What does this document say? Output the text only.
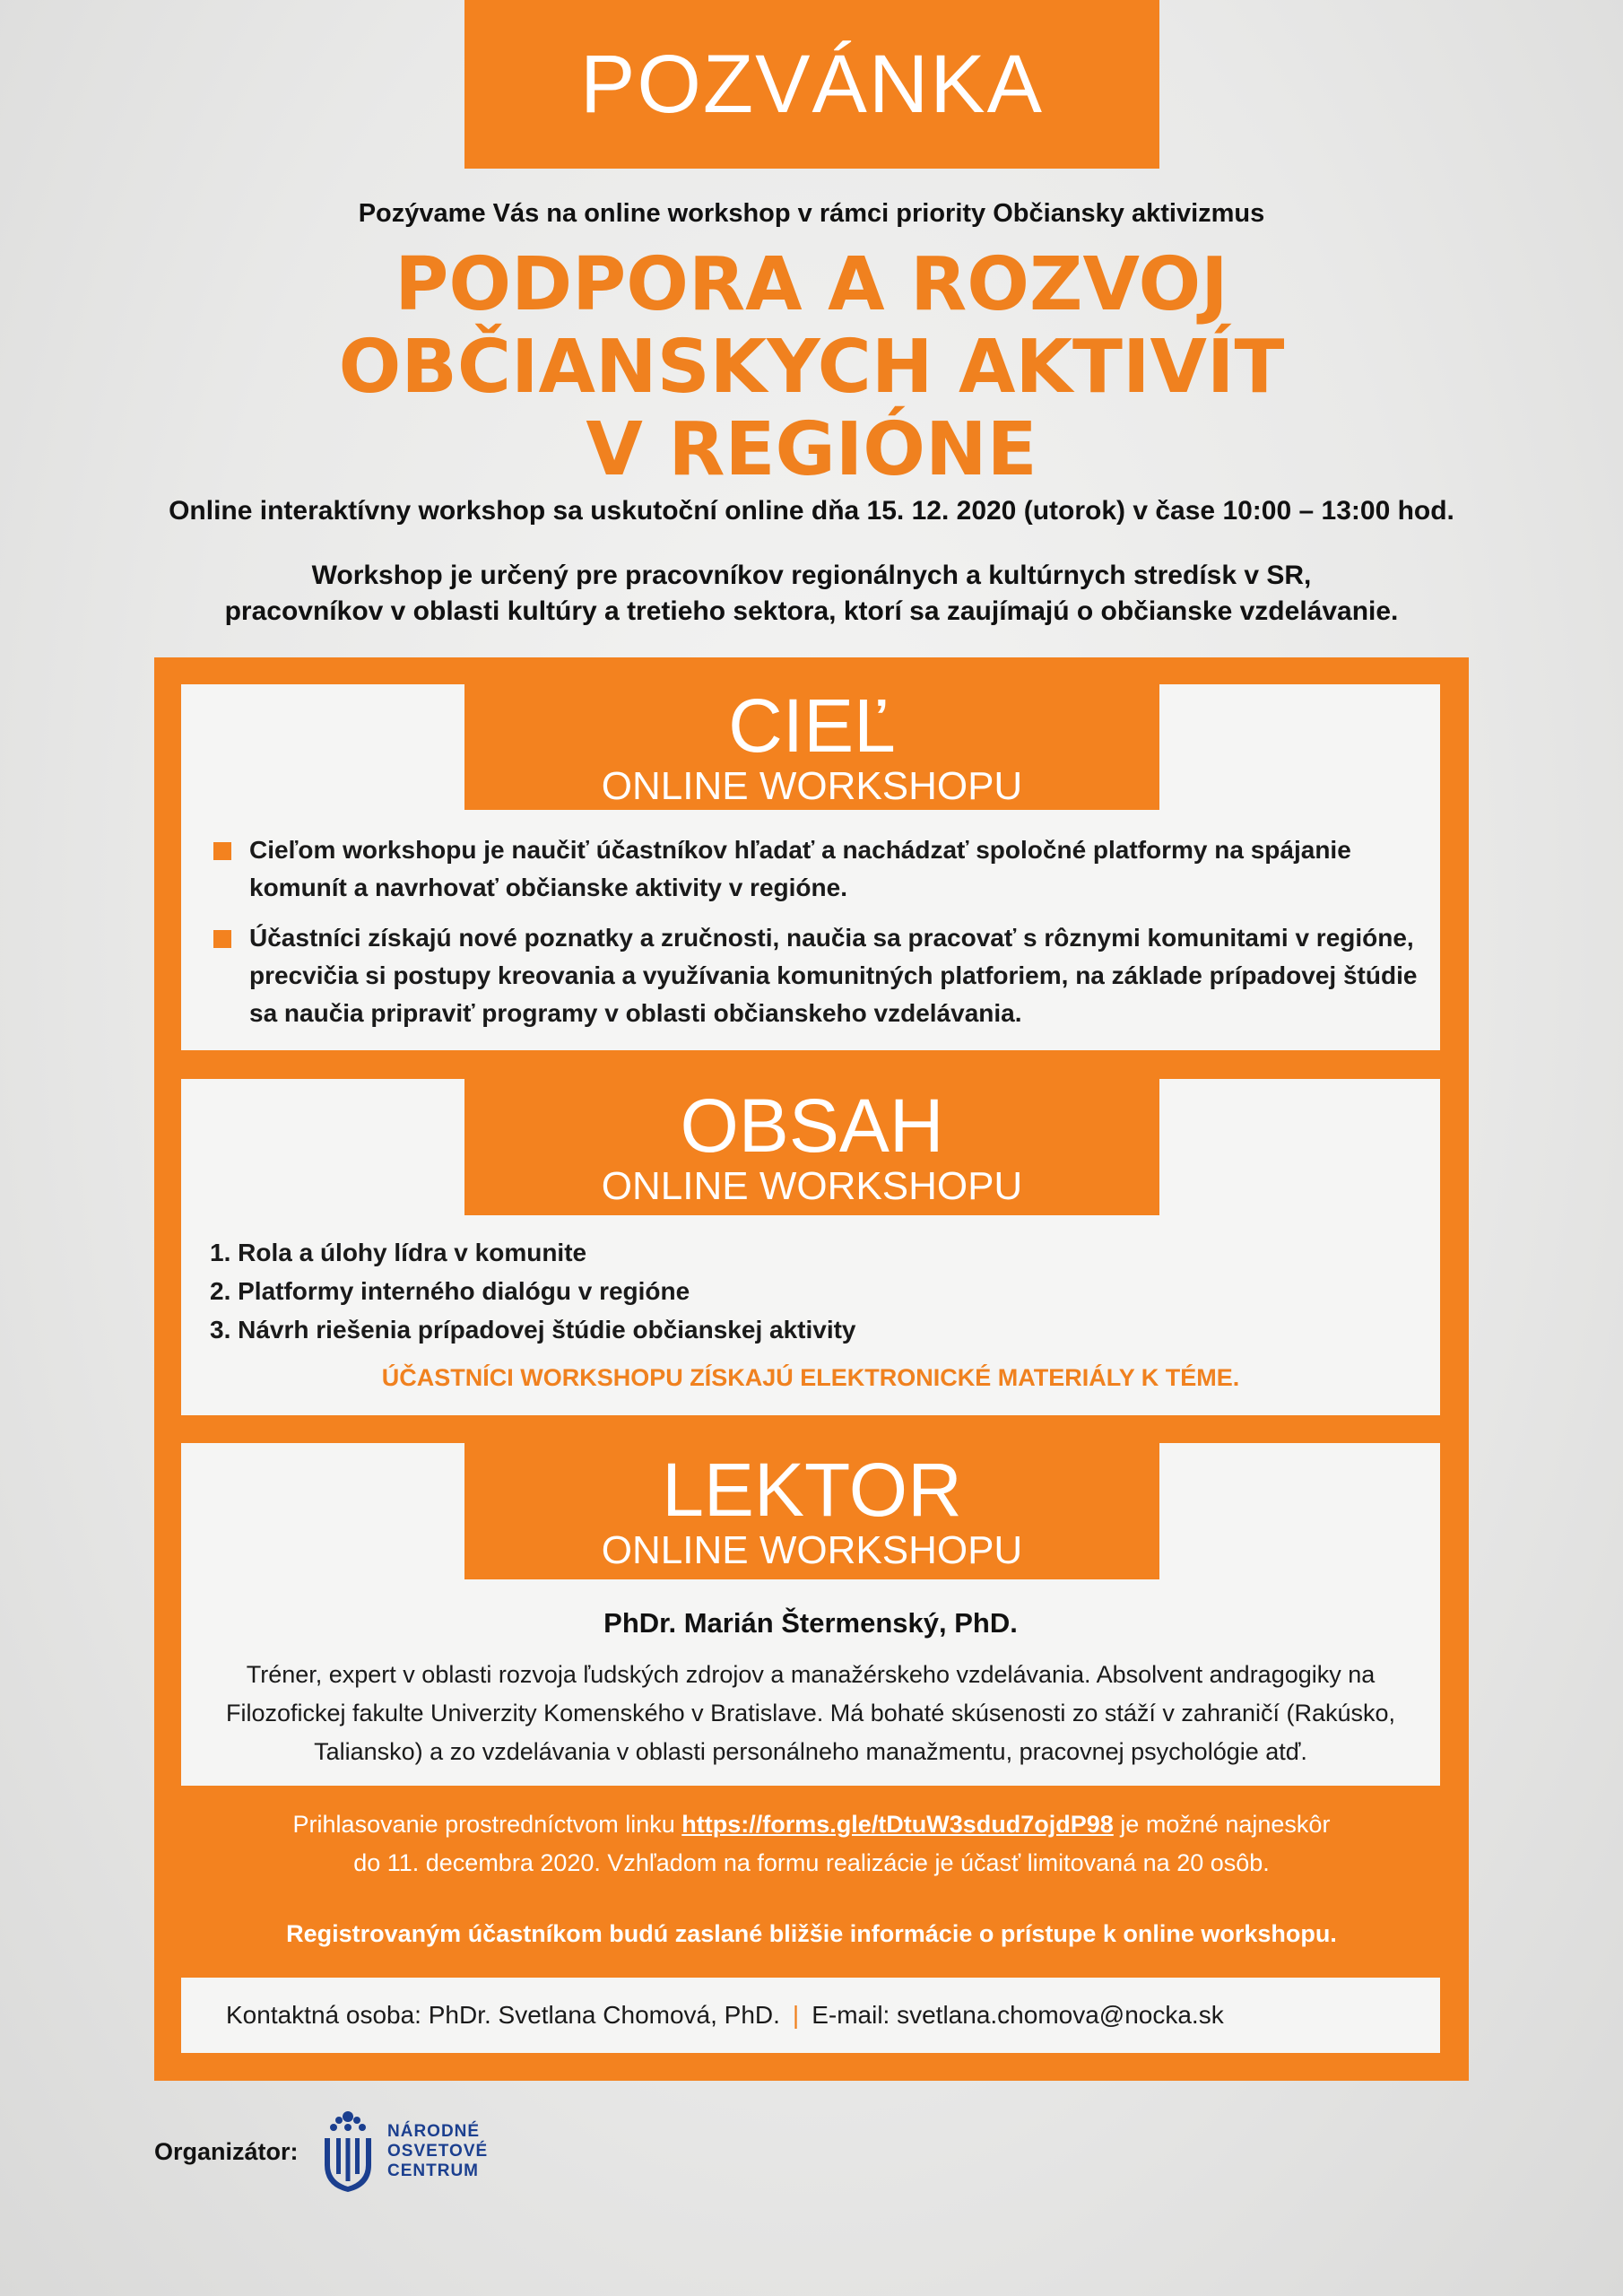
POZVÁNKA
Pozývame Vás na online workshop v rámci priority Občiansky aktivizmus
PODPORA A ROZVOJ
OBČIANSKYCH AKTIVÍT
V REGIÓNE
Online interaktívny workshop sa uskutoční online dňa 15. 12. 2020 (utorok) v čase 10:00 – 13:00 hod.
Workshop je určený pre pracovníkov regionálnych a kultúrnych stredísk v SR,
pracovníkov v oblasti kultúry a tretieho sektora, ktorí sa zaujímajú o občianske vzdelávanie.
CIEĽ
ONLINE WORKSHOPU
Cieľom workshopu je naučiť účastníkov hľadať a nachádzať spoločné platformy na spájanie komunít a navrhovať občianske aktivity v regióne.
Účastníci získajú nové poznatky a zručnosti, naučia sa pracovať s rôznymi komunitami v regióne, precvičia si postupy kreovania a využívania komunitných platforiem, na základe prípadovej štúdie sa naučia pripraviť programy v oblasti občianskeho vzdelávania.
OBSAH
ONLINE WORKSHOPU
1. Rola a úlohy lídra v komunite
2. Platformy interného dialógu v regióne
3. Návrh riešenia prípadovej štúdie občianskej aktivity
ÚČASTNÍCI WORKSHOPU ZÍSKAJÚ ELEKTRONICKÉ MATERIÁLY K TÉME.
LEKTOR
ONLINE WORKSHOPU
PhDr. Marián Štermenský, PhD.
Tréner, expert v oblasti rozvoja ľudských zdrojov a manažérskeho vzdelávania. Absolvent andragogiky na Filozofickej fakulte Univerzity Komenského v Bratislave. Má bohaté skúsenosti zo stáží v zahraničí (Rakúsko, Taliansko) a zo vzdelávania v oblasti personálneho manažmentu, pracovnej psychológie atď.
Prihlasovanie prostredníctvom linku https://forms.gle/tDtuW3sdud7ojdP98 je možné najneskôr
do 11. decembra 2020. Vzhľadom na formu realizácie je účasť limitovaná na 20 osôb.
Registrovaným účastníkom budú zaslané bližšie informácie o prístupe k online workshopu.
Kontaktná osoba: PhDr. Svetlana Chomová, PhD. | E-mail: svetlana.chomova@nocka.sk
Organizátor:
NÁRODNÉ
OSVETOVÉ
CENTRUM
